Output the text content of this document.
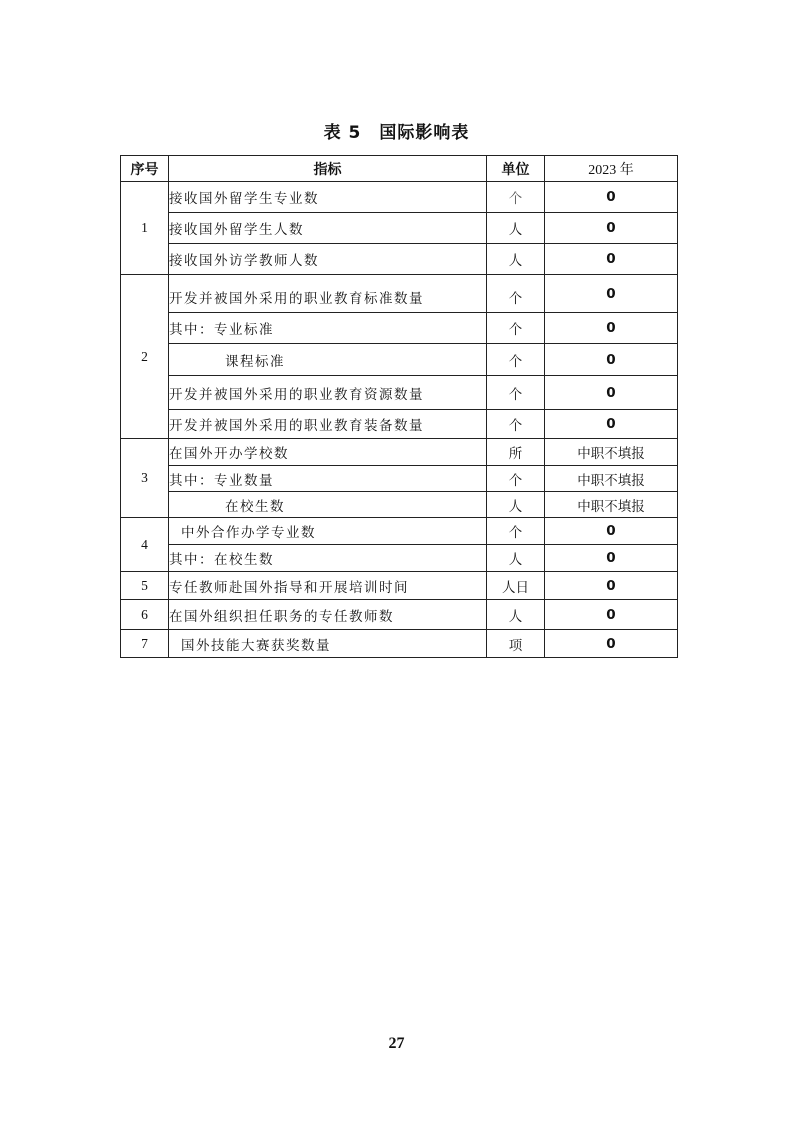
表 5 国际影响表
序号	指标	单位	2023 年
1	接收国外留学生专业数	个	0
	接收国外留学生人数	人	0
	接收国外访学教师人数	人	0
2	开发并被国外采用的职业教育标准数量	个	0
	其中：专业标准	个	0
	课程标准	个	0
	开发并被国外采用的职业教育资源数量	个	0
	开发并被国外采用的职业教育装备数量	个	0
3	在国外开办学校数	所	中职不填报
	其中：专业数量	个	中职不填报
	在校生数	人	中职不填报
4	中外合作办学专业数	个	0
	其中：在校生数	人	0
5	专任教师赴国外指导和开展培训时间	人日	0
6	在国外组织担任职务的专任教师数	人	0
7	国外技能大赛获奖数量	项	0
27
